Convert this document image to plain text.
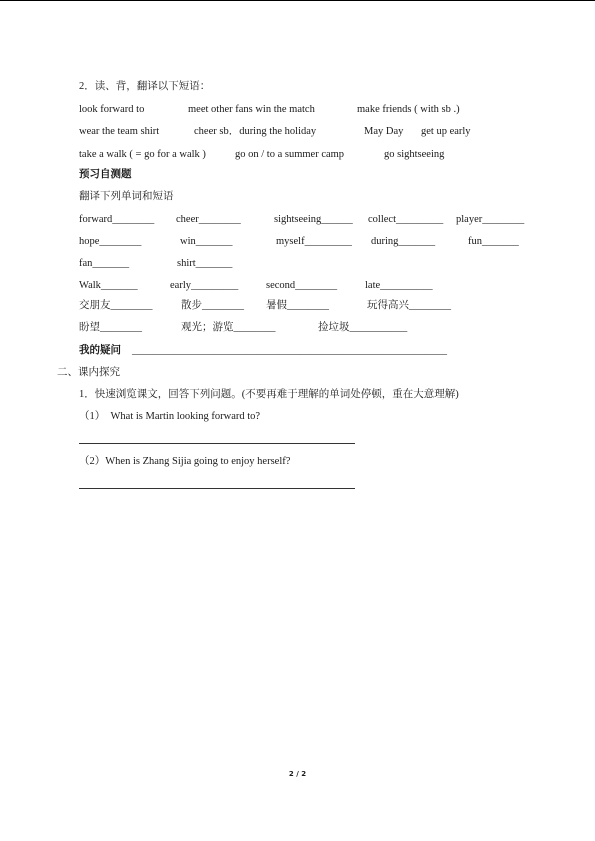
2．读、背，翻译以下短语：
look forward to	meet other fans win the match	make friends ( with sb .)
wear the team shirt	cheer sb．during the holiday	May Day get up early
take a walk ( = go for a walk )	go on / to a summer camp	go sightseeing
预习自测题
翻译下列单词和短语
forward________ cheer________	sightseeing______ collect_________ player________
hope________	win_______	myself_________ during_______	fun_______
fan_______	shirt_______
Walk_______	early_________	second________	late__________
交朋友________	散步________ 暑假________	玩得高兴________
盼望________	观光；游览________	捡垃圾___________
我的疑问 ____________________________________________________________
二、课内探究
1．快速浏览课文，回答下列问题。(不要再难于理解的单词处停顿，重在大意理解)
（1）  What is Martin looking forward to?
（2）When is Zhang Sijia going to enjoy herself?
2 / 2
